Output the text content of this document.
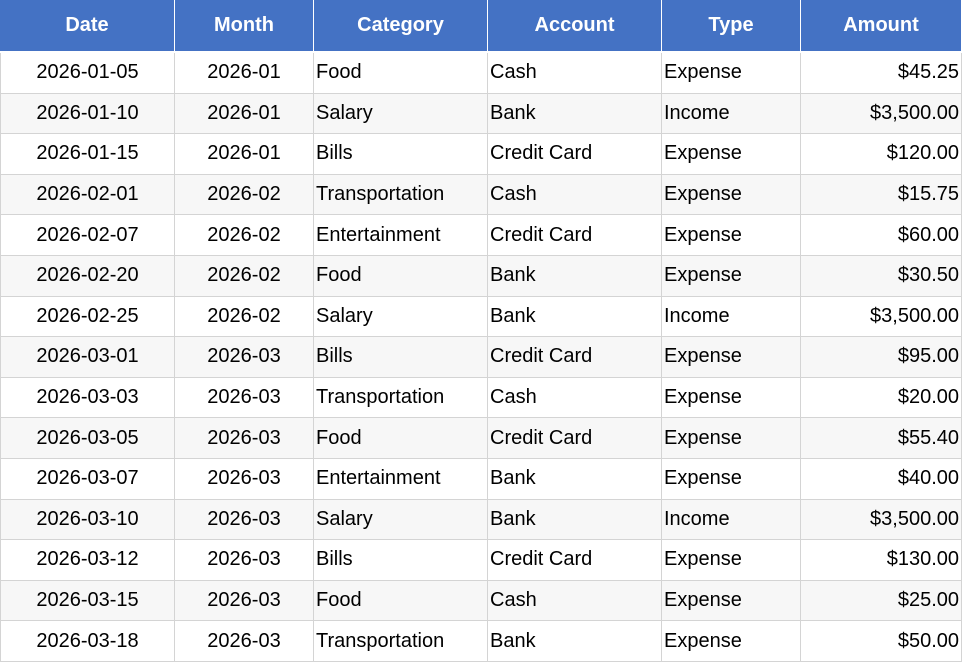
Date	Month	Category	Account	Type	Amount
2026-01-05	2026-01	Food	Cash	Expense	$45.25
2026-01-10	2026-01	Salary	Bank	Income	$3,500.00
2026-01-15	2026-01	Bills	Credit Card	Expense	$120.00
2026-02-01	2026-02	Transportation	Cash	Expense	$15.75
2026-02-07	2026-02	Entertainment	Credit Card	Expense	$60.00
2026-02-20	2026-02	Food	Bank	Expense	$30.50
2026-02-25	2026-02	Salary	Bank	Income	$3,500.00
2026-03-01	2026-03	Bills	Credit Card	Expense	$95.00
2026-03-03	2026-03	Transportation	Cash	Expense	$20.00
2026-03-05	2026-03	Food	Credit Card	Expense	$55.40
2026-03-07	2026-03	Entertainment	Bank	Expense	$40.00
2026-03-10	2026-03	Salary	Bank	Income	$3,500.00
2026-03-12	2026-03	Bills	Credit Card	Expense	$130.00
2026-03-15	2026-03	Food	Cash	Expense	$25.00
2026-03-18	2026-03	Transportation	Bank	Expense	$50.00
